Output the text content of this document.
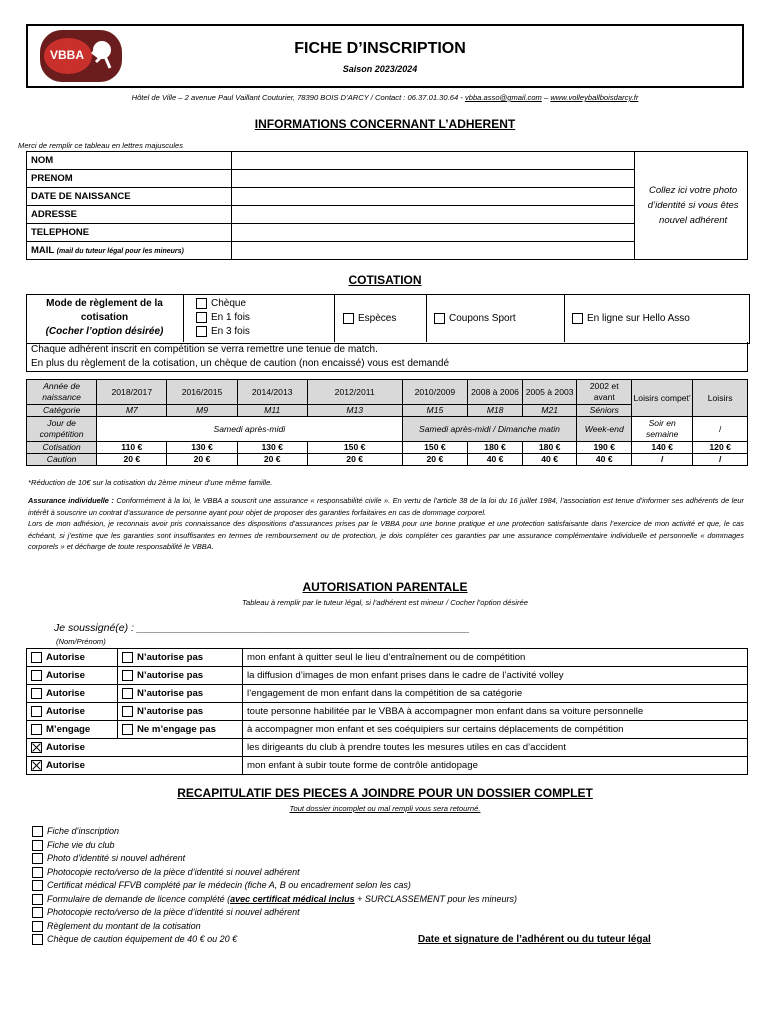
VBBA	FICHE D’INSCRIPTION
Saison 2023/2024
Hôtel de Ville – 2 avenue Paul Vaillant Couturier, 78390 BOIS D’ARCY / Contact : 06.37.01.30.64 - vbba.asso@gmail.com – www.volleyballboisdarcy.fr
INFORMATIONS CONCERNANT L’ADHERENT
Merci de remplir ce tableau en lettres majuscules
NOM		Collez ici votre photo d’identité si vous êtes nouvel adhérent
PRENOM		
DATE DE NAISSANCE		
ADRESSE		
TELEPHONE		
MAIL (mail du tuteur légal pour les mineurs)		
COTISATION
Mode de règlement de la
cotisation
(Cocher l’option désirée)
Chèque
En 1 fois
En 3 fois
Espèces	Coupons Sport	En ligne sur Hello Asso
Chaque adhérent inscrit en compétition se verra remettre une tenue de match.
En plus du règlement de la cotisation, un chèque de caution (non encaissé) vous est demandé
Année de naissance	2018/2017	2016/2015	2014/2013	2012/2011	2010/2009	2008 à 2006	2005 à 2003	2002 et avant	Loisirs compet’	Loisirs
Catégorie	M7	M9	M11	M13	M15	M18	M21	Séniors		
Jour de compétition	Samedi après-midi				Samedi après-midi / Dimanche matin			Week-end	Soir en semaine	/
Cotisation	110 €	130 €	130 €	150 €	150 €	180 €	180 €	190 €	140 €	120 €
Caution	20 €	20 €	20 €	20 €	20 €	40 €	40 €	40 €	/	/
*Réduction de 10€ sur la cotisation du 2ème mineur d’une même famille.
Assurance individuelle : Conformément à la loi, le VBBA a souscrit une assurance « responsabilité civile ». En vertu de l’article 38 de la loi du 16 juillet 1984, l’association est tenue d’informer ses adhérents de leur intérêt à souscrire un contrat d’assurance de personne ayant pour objet de proposer des garanties forfaitaires en cas de dommage corporel.
Lors de mon adhésion, je reconnais avoir pris connaissance des dispositions d’assurances prises par le VBBA pour une bonne pratique et une protection satisfaisante dans l’exercice de mon activité et que, le cas échéant, si j’estime que les garanties sont insuffisantes en termes de remboursement ou de protection, je dois compléter ces garanties par une assurance complémentaire individuelle et personnelle « dommages corporels » et décharge de toute responsabilité le VBBA.
AUTORISATION PARENTALE
Tableau à remplir par le tuteur légal, si l’adhérent est mineur / Cocher l’option désirée
Je soussigné(e) : _________________________________________________________
(Nom/Prénom)
Autorise	N’autorise pas	mon enfant à quitter seul le lieu d’entraînement ou de compétition
Autorise	N’autorise pas	la diffusion d’images de mon enfant prises dans le cadre de l’activité volley
Autorise	N’autorise pas	l’engagement de mon enfant dans la compétition de sa catégorie
Autorise	N’autorise pas	toute personne habilitée par le VBBA à accompagner mon enfant dans sa voiture personnelle
M’engage	Ne m’engage pas	à accompagner mon enfant et ses coéquipiers sur certains déplacements de compétition
Autorise		les dirigeants du club à prendre toutes les mesures utiles en cas d’accident
Autorise		mon enfant à subir toute forme de contrôle antidopage
RECAPITULATIF DES PIECES A JOINDRE POUR UN DOSSIER COMPLET
Tout dossier incomplet ou mal rempli vous sera retourné.
Fiche d’inscription
Fiche vie du club
Photo d’identité si nouvel adhérent
Photocopie recto/verso de la pièce d’identité si nouvel adhérent
Certificat médical FFVB complété par le médecin (fiche A, B ou encadrement selon les cas)
Formulaire de demande de licence complété (avec certificat médical inclus + SURCLASSEMENT pour les mineurs)
Photocopie recto/verso de la pièce d’identité si nouvel adhérent
Règlement du montant de la cotisation
Chèque de caution équipement de 40 € ou 20 €	Date et signature de l’adhérent ou du tuteur légal
